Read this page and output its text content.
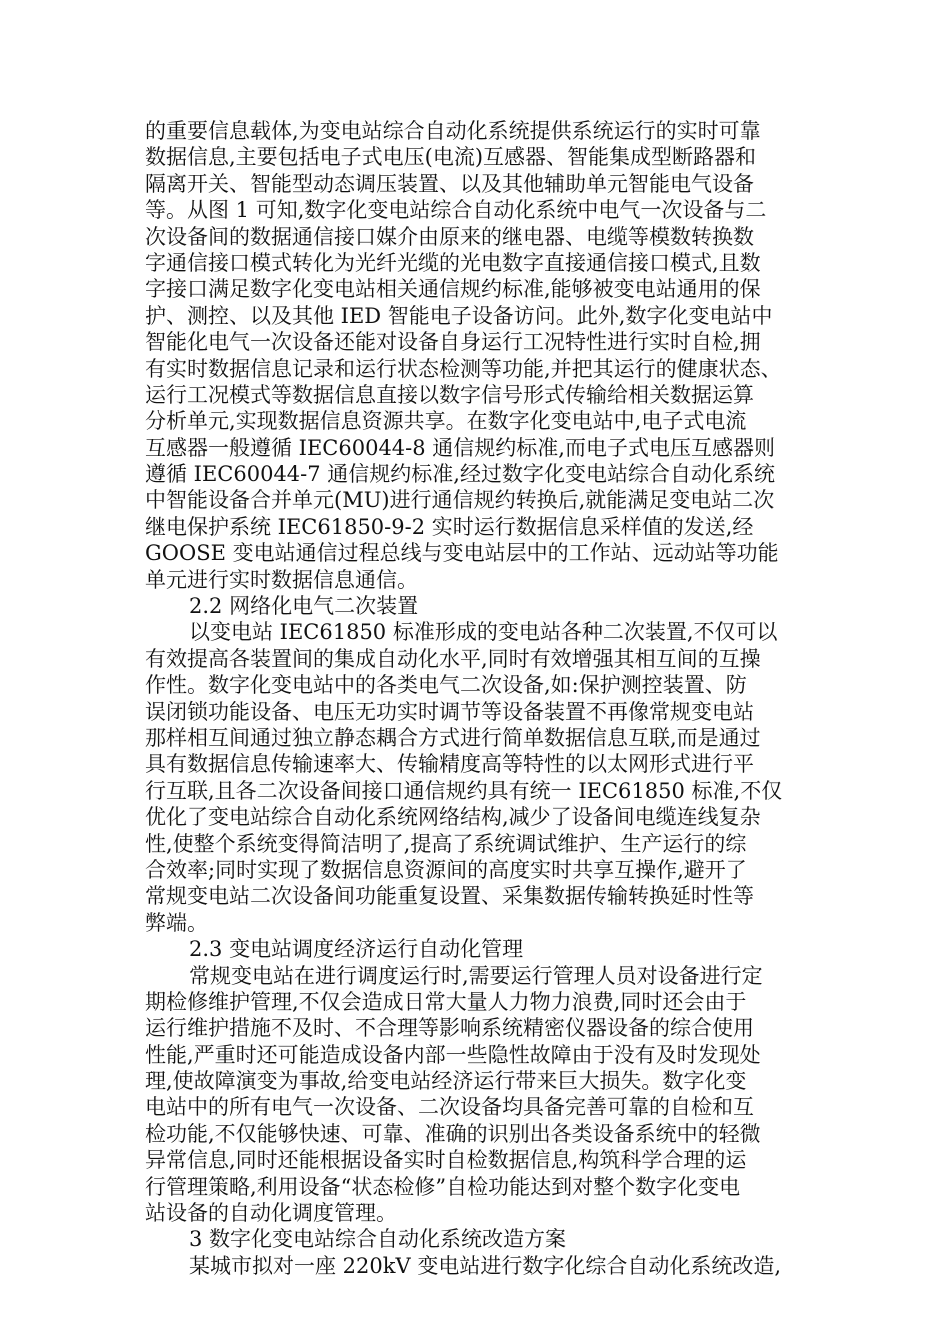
的重要信息载体,为变电站综合自动化系统提供系统运行的实时可靠
数据信息,主要包括电子式电压(电流)互感器、智能集成型断路器和
隔离开关、智能型动态调压装置、以及其他辅助单元智能电气设备
等。从图 1 可知,数字化变电站综合自动化系统中电气一次设备与二
次设备间的数据通信接口媒介由原来的继电器、电缆等模数转换数
字通信接口模式转化为光纤光缆的光电数字直接通信接口模式,且数
字接口满足数字化变电站相关通信规约标准,能够被变电站通用的保
护、测控、以及其他 IED 智能电子设备访问。此外,数字化变电站中
智能化电气一次设备还能对设备自身运行工况特性进行实时自检,拥
有实时数据信息记录和运行状态检测等功能,并把其运行的健康状态、
运行工况模式等数据信息直接以数字信号形式传输给相关数据运算
分析单元,实现数据信息资源共享。在数字化变电站中,电子式电流
互感器一般遵循 IEC60044-8 通信规约标准,而电子式电压互感器则
遵循 IEC60044-7 通信规约标准,经过数字化变电站综合自动化系统
中智能设备合并单元(MU)进行通信规约转换后,就能满足变电站二次
继电保护系统 IEC61850-9-2 实时运行数据信息采样值的发送,经
GOOSE 变电站通信过程总线与变电站层中的工作站、远动站等功能
单元进行实时数据信息通信。
2.2 网络化电气二次装置
以变电站 IEC61850 标准形成的变电站各种二次装置,不仅可以
有效提高各装置间的集成自动化水平,同时有效增强其相互间的互操
作性。数字化变电站中的各类电气二次设备,如:保护测控装置、防
误闭锁功能设备、电压无功实时调节等设备装置不再像常规变电站
那样相互间通过独立静态耦合方式进行简单数据信息互联,而是通过
具有数据信息传输速率大、传输精度高等特性的以太网形式进行平
行互联,且各二次设备间接口通信规约具有统一 IEC61850 标准,不仅
优化了变电站综合自动化系统网络结构,减少了设备间电缆连线复杂
性,使整个系统变得简洁明了,提高了系统调试维护、生产运行的综
合效率;同时实现了数据信息资源间的高度实时共享互操作,避开了
常规变电站二次设备间功能重复设置、采集数据传输转换延时性等
弊端。
2.3 变电站调度经济运行自动化管理
常规变电站在进行调度运行时,需要运行管理人员对设备进行定
期检修维护管理,不仅会造成日常大量人力物力浪费,同时还会由于
运行维护措施不及时、不合理等影响系统精密仪器设备的综合使用
性能,严重时还可能造成设备内部一些隐性故障由于没有及时发现处
理,使故障演变为事故,给变电站经济运行带来巨大损失。数字化变
电站中的所有电气一次设备、二次设备均具备完善可靠的自检和互
检功能,不仅能够快速、可靠、准确的识别出各类设备系统中的轻微
异常信息,同时还能根据设备实时自检数据信息,构筑科学合理的运
行管理策略,利用设备“状态检修”自检功能达到对整个数字化变电
站设备的自动化调度管理。
3 数字化变电站综合自动化系统改造方案
某城市拟对一座 220kV 变电站进行数字化综合自动化系统改造,
